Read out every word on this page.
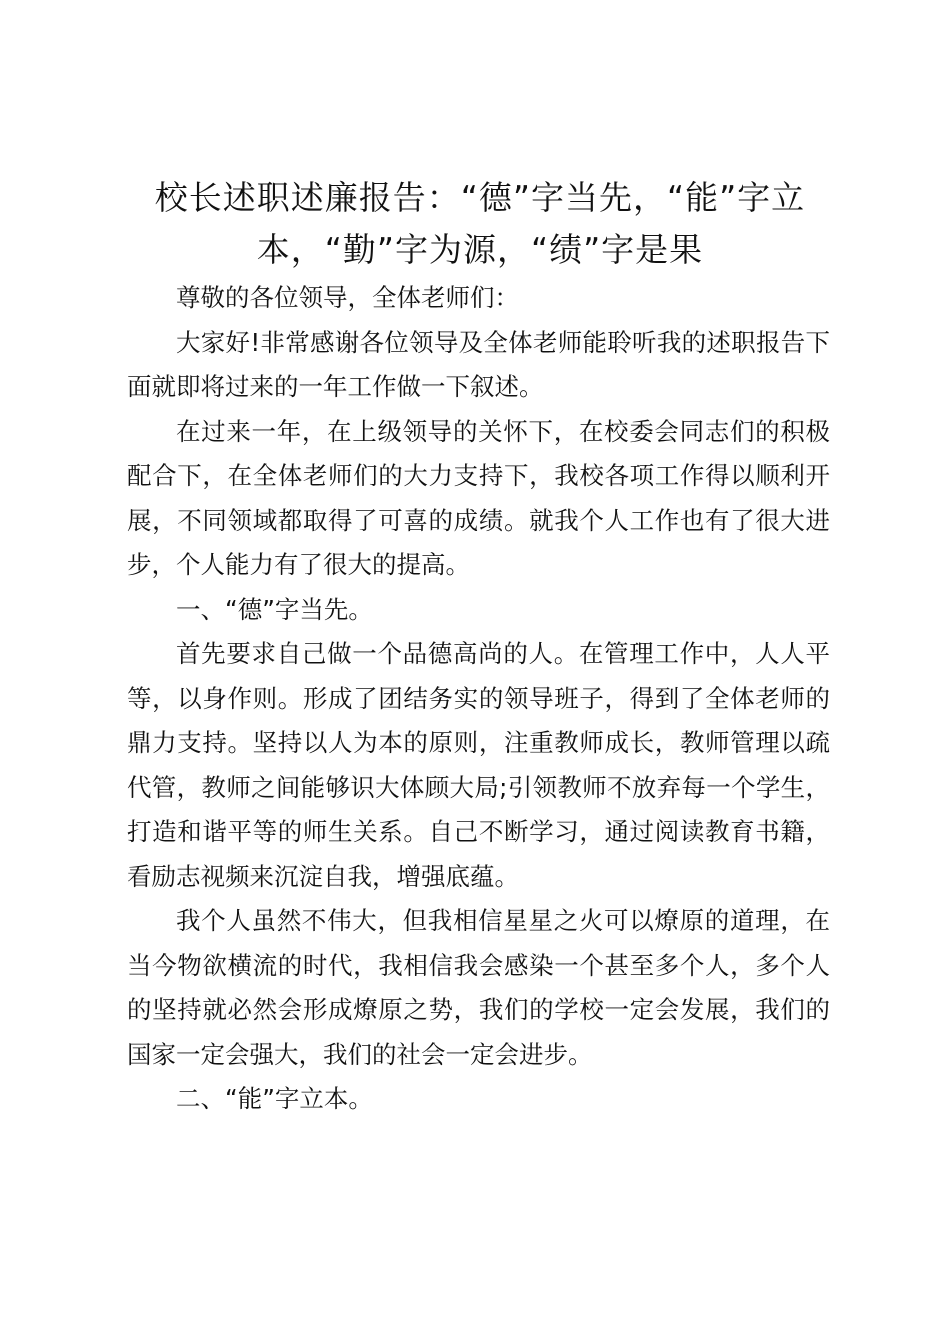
校长述职述廉报告：“德”字当先，“能”字立本，“勤”字为源，“绩”字是果

尊敬的各位领导，全体老师们：

大家好!非常感谢各位领导及全体老师能聆听我的述职报告下面就即将过来的一年工作做一下叙述。

在过来一年，在上级领导的关怀下，在校委会同志们的积极配合下，在全体老师们的大力支持下，我校各项工作得以顺利开展，不同领域都取得了可喜的成绩。就我个人工作也有了很大进步，个人能力有了很大的提高。

一、“德”字当先。

首先要求自己做一个品德高尚的人。在管理工作中，人人平等，以身作则。形成了团结务实的领导班子，得到了全体老师的鼎力支持。坚持以人为本的原则，注重教师成长，教师管理以疏代管，教师之间能够识大体顾大局;引领教师不放弃每一个学生，打造和谐平等的师生关系。自己不断学习，通过阅读教育书籍，看励志视频来沉淀自我，增强底蕴。

我个人虽然不伟大，但我相信星星之火可以燎原的道理，在当今物欲横流的时代，我相信我会感染一个甚至多个人，多个人的坚持就必然会形成燎原之势，我们的学校一定会发展，我们的国家一定会强大，我们的社会一定会进步。

二、“能”字立本。
